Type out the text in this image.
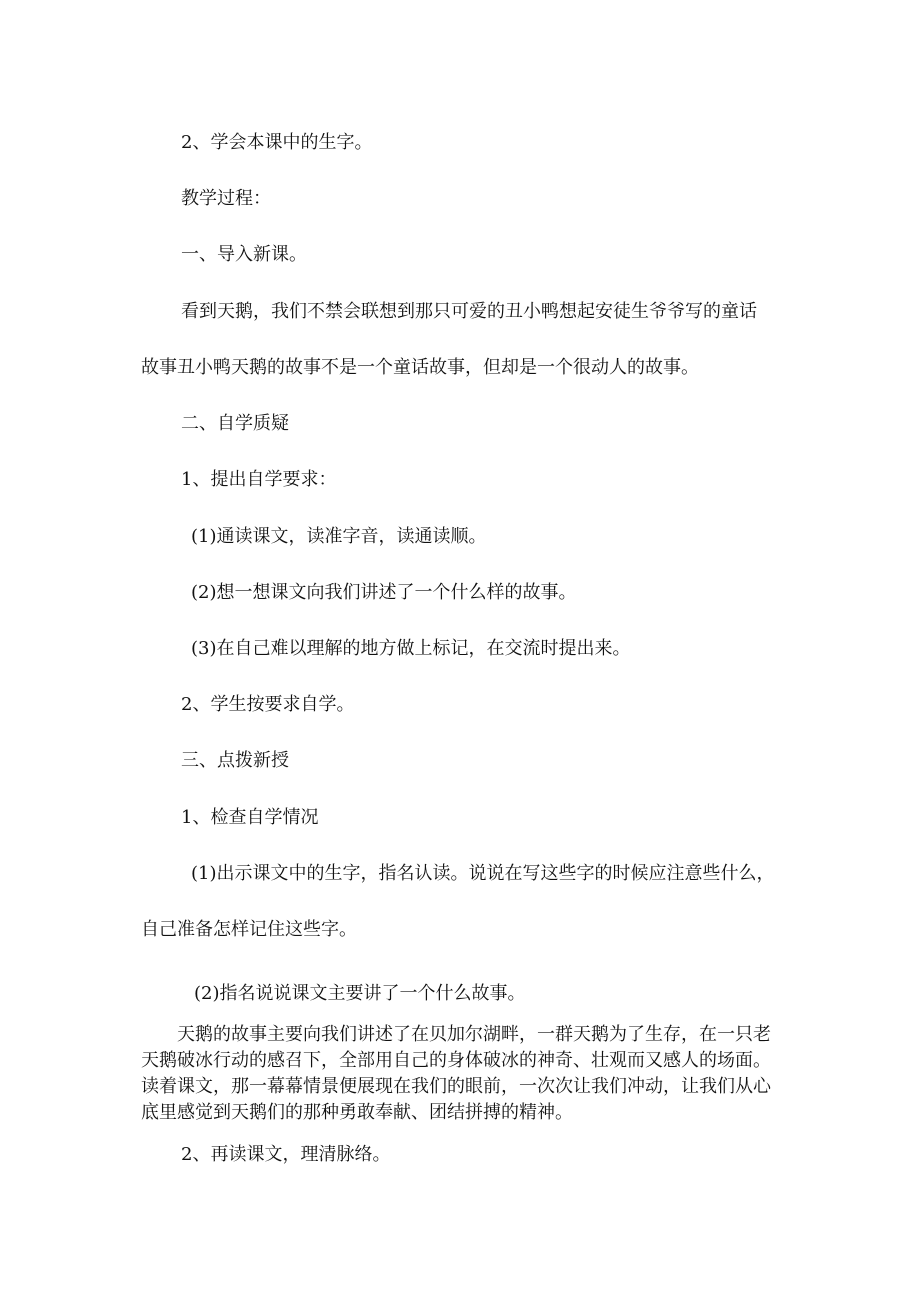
2、学会本课中的生字。

教学过程：

一、导入新课。

看到天鹅，我们不禁会联想到那只可爱的丑小鸭想起安徒生爷爷写的童话

故事丑小鸭天鹅的故事不是一个童话故事，但却是一个很动人的故事。

二、自学质疑

1、提出自学要求：

(1)通读课文，读准字音，读通读顺。

(2)想一想课文向我们讲述了一个什么样的故事。

(3)在自己难以理解的地方做上标记，在交流时提出来。

2、学生按要求自学。

三、点拨新授

1、检查自学情况

(1)出示课文中的生字，指名认读。说说在写这些字的时候应注意些什么，

自己准备怎样记住这些字。

(2)指名说说课文主要讲了一个什么故事。

天鹅的故事主要向我们讲述了在贝加尔湖畔，一群天鹅为了生存，在一只老天鹅破冰行动的感召下，全部用自己的身体破冰的神奇、壮观而又感人的场面。读着课文，那一幕幕情景便展现在我们的眼前，一次次让我们冲动，让我们从心底里感觉到天鹅们的那种勇敢奉献、团结拼搏的精神。

2、再读课文，理清脉络。
